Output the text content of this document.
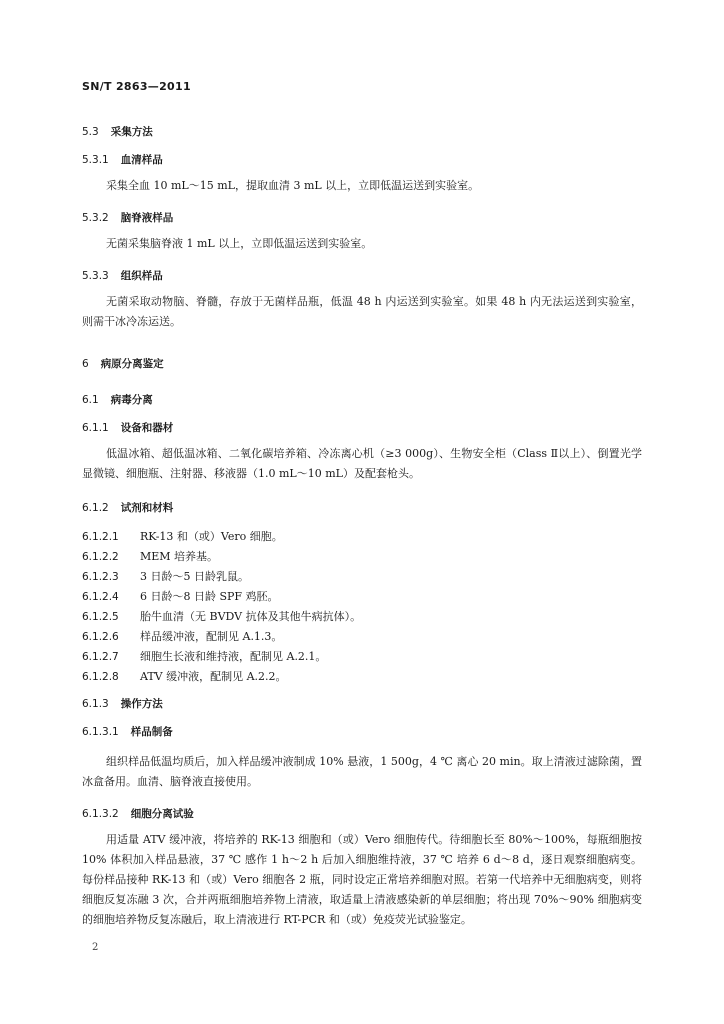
SN/T 2863—2011
5.3 采集方法
5.3.1 血清样品
采集全血 10 mL～15 mL，提取血清 3 mL 以上，立即低温运送到实验室。
5.3.2 脑脊液样品
无菌采集脑脊液 1 mL 以上，立即低温运送到实验室。
5.3.3 组织样品
无菌采取动物脑、脊髓，存放于无菌样品瓶，低温 48 h 内运送到实验室。如果 48 h 内无法运送到实验室，则需干冰冷冻运送。
6 病原分离鉴定
6.1 病毒分离
6.1.1 设备和器材
低温冰箱、超低温冰箱、二氧化碳培养箱、冷冻离心机（≥3 000g）、生物安全柜（Class Ⅱ以上）、倒置光学显微镜、细胞瓶、注射器、移液器（1.0 mL～10 mL）及配套枪头。
6.1.2 试剂和材料
6.1.2.1 RK-13 和（或）Vero 细胞。
6.1.2.2 MEM 培养基。
6.1.2.3 3 日龄～5 日龄乳鼠。
6.1.2.4 6 日龄～8 日龄 SPF 鸡胚。
6.1.2.5 胎牛血清（无 BVDV 抗体及其他牛病抗体）。
6.1.2.6 样品缓冲液，配制见 A.1.3。
6.1.2.7 细胞生长液和维持液，配制见 A.2.1。
6.1.2.8 ATV 缓冲液，配制见 A.2.2。
6.1.3 操作方法
6.1.3.1 样品制备
组织样品低温均质后，加入样品缓冲液制成 10% 悬液，1 500g，4 ℃ 离心 20 min。取上清液过滤除菌，置冰盒备用。血清、脑脊液直接使用。
6.1.3.2 细胞分离试验
用适量 ATV 缓冲液，将培养的 RK-13 细胞和（或）Vero 细胞传代。待细胞长至 80%～100%，每瓶细胞按 10% 体积加入样品悬液，37 ℃ 感作 1 h～2 h 后加入细胞维持液，37 ℃ 培养 6 d～8 d，逐日观察细胞病变。每份样品接种 RK-13 和（或）Vero 细胞各 2 瓶，同时设定正常培养细胞对照。若第一代培养中无细胞病变，则将细胞反复冻融 3 次，合并两瓶细胞培养物上清液，取适量上清液感染新的单层细胞；将出现 70%～90% 细胞病变的细胞培养物反复冻融后，取上清液进行 RT-PCR 和（或）免疫荧光试验鉴定。
2
